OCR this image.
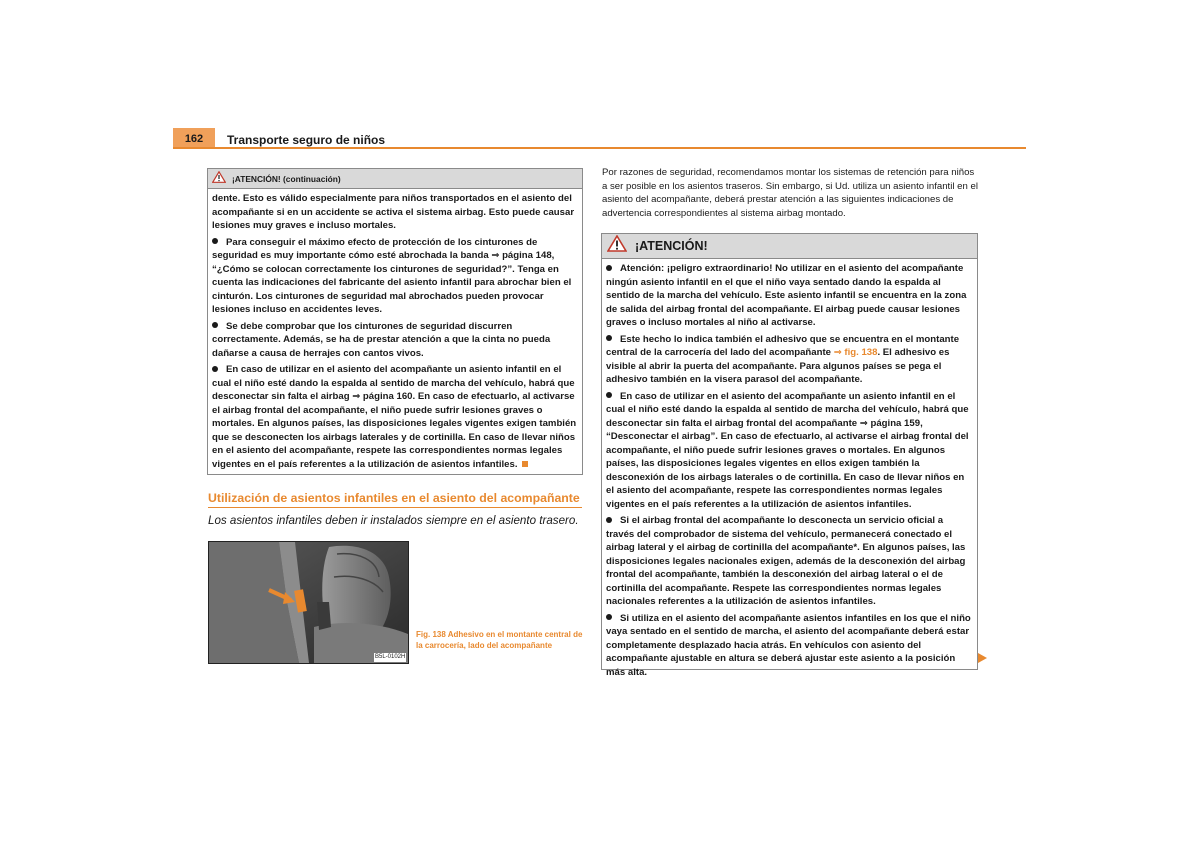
162	Transporte seguro de niños
¡ATENCIÓN! (continuación)

dente. Esto es válido especialmente para niños transportados en el asiento del acompañante si en un accidente se activa el sistema airbag. Esto puede causar lesiones muy graves e incluso mortales.

Para conseguir el máximo efecto de protección de los cinturones de seguridad es muy importante cómo esté abrochada la banda ⇒ página 148, “¿Cómo se colocan correctamente los cinturones de seguridad?”. Tenga en cuenta las indicaciones del fabricante del asiento infantil para abrochar bien el cinturón. Los cinturones de seguridad mal abrochados pueden provocar lesiones incluso en accidentes leves.

Se debe comprobar que los cinturones de seguridad discurren correctamente. Además, se ha de prestar atención a que la cinta no pueda dañarse a causa de herrajes con cantos vivos.

En caso de utilizar en el asiento del acompañante un asiento infantil en el cual el niño esté dando la espalda al sentido de marcha del vehículo, habrá que desconectar sin falta el airbag ⇒ página 160. En caso de efectuarlo, al activarse el airbag frontal del acompañante, el niño puede sufrir lesiones graves o mortales. En algunos países, las disposiciones legales vigentes exigen también que se desconecten los airbags laterales y de cortinilla. En caso de llevar niños en el asiento del acompañante, respete las correspondientes normas legales vigentes en el país referentes a la utilización de asientos infantiles.

Utilización de asientos infantiles en el asiento del acompañante
Los asientos infantiles deben ir instalados siempre en el asiento trasero.
B5L-0102H
Fig. 138 Adhesivo en el montante central de la carrocería, lado del acompañante
Por razones de seguridad, recomendamos montar los sistemas de retención para niños a ser posible en los asientos traseros. Sin embargo, si Ud. utiliza un asiento infantil en el asiento del acompañante, deberá prestar atención a las siguientes indicaciones de advertencia correspondientes al sistema airbag montado.
¡ATENCIÓN!

Atención: ¡peligro extraordinario! No utilizar en el asiento del acompañante ningún asiento infantil en el que el niño vaya sentado dando la espalda al sentido de la marcha del vehículo. Este asiento infantil se encuentra en la zona de salida del airbag frontal del acompañante. El airbag puede causar lesiones graves o incluso mortales al niño al activarse.

Este hecho lo indica también el adhesivo que se encuentra en el montante central de la carrocería del lado del acompañante ⇒ fig. 138. El adhesivo es visible al abrir la puerta del acompañante. Para algunos países se pega el adhesivo también en la visera parasol del acompañante.

En caso de utilizar en el asiento del acompañante un asiento infantil en el cual el niño esté dando la espalda al sentido de marcha del vehículo, habrá que desconectar sin falta el airbag frontal del acompañante ⇒ página 159, “Desconectar el airbag”. En caso de efectuarlo, al activarse el airbag frontal del acompañante, el niño puede sufrir lesiones graves o mortales. En algunos países, las disposiciones legales vigentes en ellos exigen también la desconexión de los airbags laterales o de cortinilla. En caso de llevar niños en el asiento del acompañante, respete las correspondientes normas legales vigentes en el país referentes a la utilización de asientos infantiles.

Si el airbag frontal del acompañante lo desconecta un servicio oficial a través del comprobador de sistema del vehículo, permanecerá conectado el airbag lateral y el airbag de cortinilla del acompañante*. En algunos países, las disposiciones legales nacionales exigen, además de la desconexión del airbag frontal del acompañante, también la desconexión del airbag lateral o el de cortinilla del acompañante. Respete las correspondientes normas legales nacionales referentes a la utilización de asientos infantiles.

Si utiliza en el asiento del acompañante asientos infantiles en los que el niño vaya sentado en el sentido de marcha, el asiento del acompañante deberá estar completamente desplazado hacia atrás. En vehículos con asiento del acompañante ajustable en altura se deberá ajustar este asiento a la posición más alta.
